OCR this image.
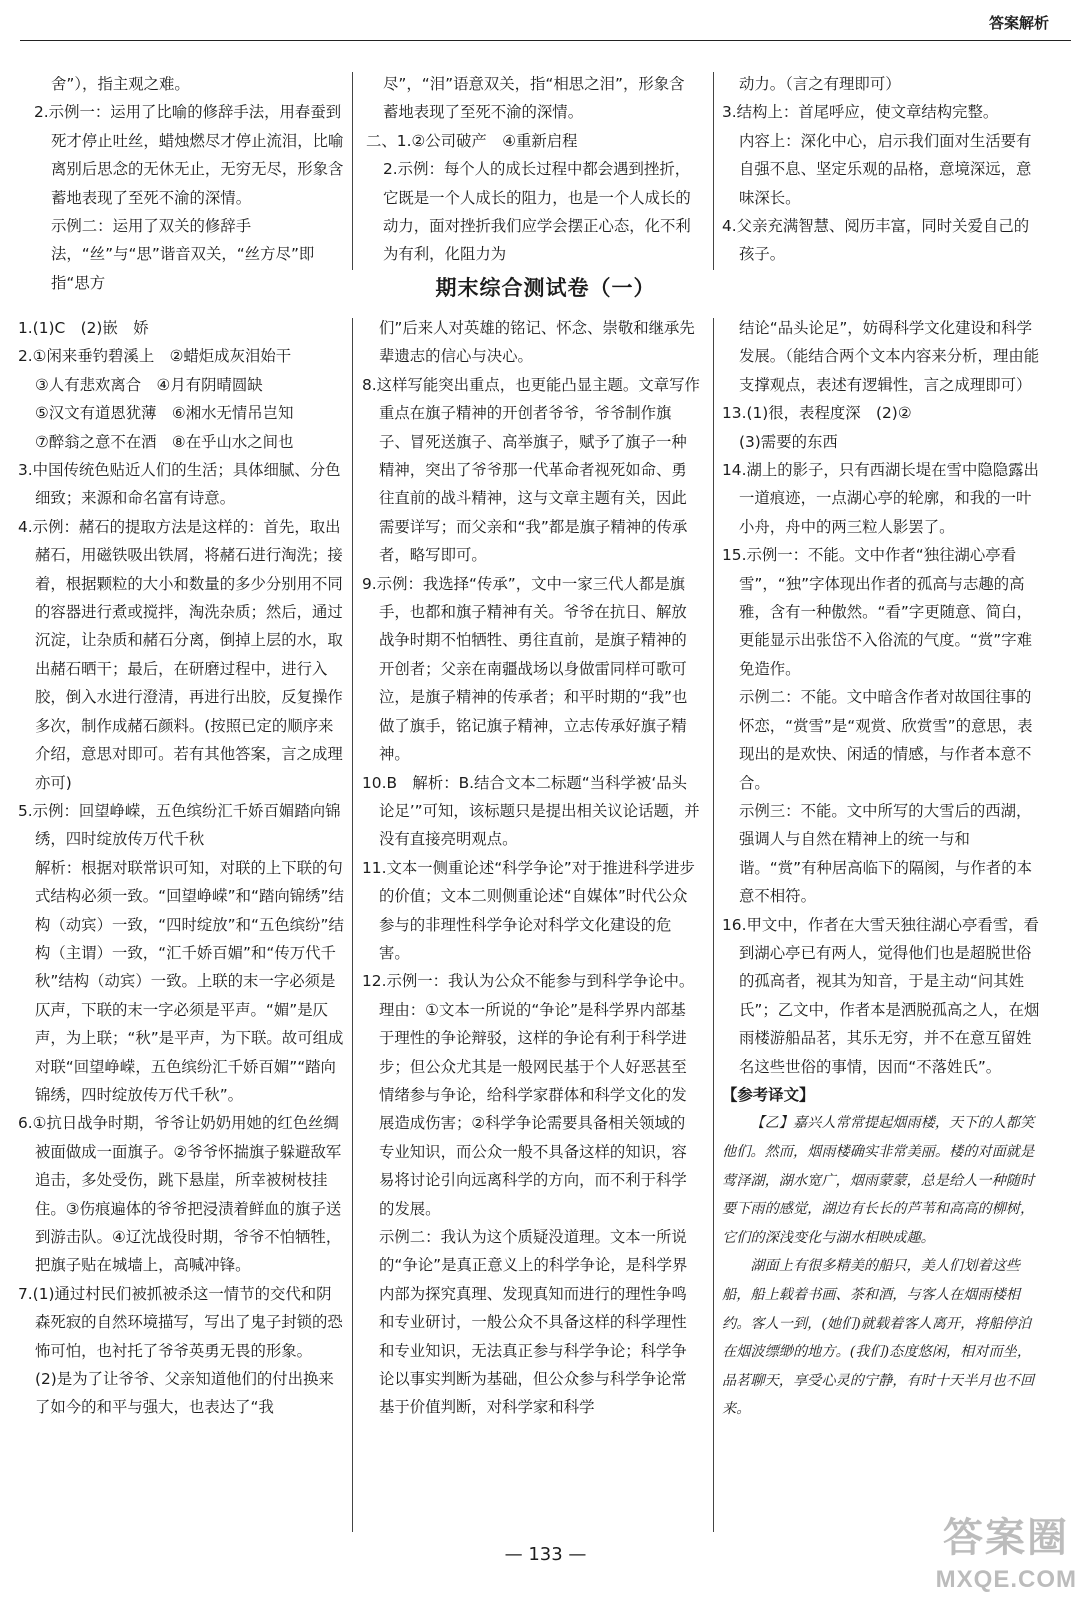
答案解析

舍”），指主观之难。

2.示例一：运用了比喻的修辞手法，用春蚕到死才停止吐丝，蜡烛燃尽才停止流泪，比喻离别后思念的无休无止，无穷无尽，形象含蓄地表现了至死不渝的深情。

示例二：运用了双关的修辞手法，“丝”与“思”谐音双关，“丝方尽”即指“思方

尽”，“泪”语意双关，指“相思之泪”，形象含蓄地表现了至死不渝的深情。

二、1.②公司破产　④重新启程

2.示例：每个人的成长过程中都会遇到挫折，它既是一个人成长的阻力，也是一个人成长的动力，面对挫折我们应学会摆正心态，化不利为有利，化阻力为

动力。（言之有理即可）

3.结构上：首尾呼应，使文章结构完整。

内容上：深化中心，启示我们面对生活要有自强不息、坚定乐观的品格，意境深远，意味深长。

4.父亲充满智慧、阅历丰富，同时关爱自己的孩子。

期末综合测试卷（一）

1.(1)C　(2)嵌　娇

2.①闲来垂钓碧溪上　②蜡炬成灰泪始干

③人有悲欢离合　④月有阴晴圆缺

⑤汉文有道恩犹薄　⑥湘水无情吊岂知

⑦醉翁之意不在酒　⑧在乎山水之间也

3.中国传统色贴近人们的生活；具体细腻、分色细致；来源和命名富有诗意。

4.示例：赭石的提取方法是这样的：首先，取出赭石，用磁铁吸出铁屑，将赭石进行淘洗；接着，根据颗粒的大小和数量的多少分别用不同的容器进行煮或搅拌，淘洗杂质；然后，通过沉淀，让杂质和赭石分离，倒掉上层的水，取出赭石晒干；最后，在研磨过程中，进行入胶，倒入水进行澄清，再进行出胶，反复操作多次，制作成赭石颜料。(按照已定的顺序来介绍，意思对即可。若有其他答案，言之成理亦可)

5.示例：回望峥嵘，五色缤纷汇千娇百媚踏向锦绣，四时绽放传万代千秋

解析：根据对联常识可知，对联的上下联的句式结构必须一致。“回望峥嵘”和“踏向锦绣”结构（动宾）一致，“四时绽放”和“五色缤纷”结构（主谓）一致，“汇千娇百媚”和“传万代千秋”结构（动宾）一致。上联的末一字必须是仄声，下联的末一字必须是平声。“媚”是仄声，为上联；“秋”是平声，为下联。故可组成对联“回望峥嵘，五色缤纷汇千娇百媚”“踏向锦绣，四时绽放传万代千秋”。

6.①抗日战争时期，爷爷让奶奶用她的红色丝绸被面做成一面旗子。②爷爷怀揣旗子躲避敌军追击，多处受伤，跳下悬崖，所幸被树枝挂住。③伤痕遍体的爷爷把浸渍着鲜血的旗子送到游击队。④辽沈战役时期，爷爷不怕牺牲，把旗子贴在城墙上，高喊冲锋。

7.(1)通过村民们被抓被杀这一情节的交代和阴森死寂的自然环境描写，写出了鬼子封锁的恐怖可怕，也衬托了爷爷英勇无畏的形象。

(2)是为了让爷爷、父亲知道他们的付出换来了如今的和平与强大，也表达了“我

们”后来人对英雄的铭记、怀念、崇敬和继承先辈遗志的信心与决心。

8.这样写能突出重点，也更能凸显主题。文章写作重点在旗子精神的开创者爷爷，爷爷制作旗子、冒死送旗子、高举旗子，赋予了旗子一种精神，突出了爷爷那一代革命者视死如命、勇往直前的战斗精神，这与文章主题有关，因此需要详写；而父亲和“我”都是旗子精神的传承者，略写即可。

9.示例：我选择“传承”，文中一家三代人都是旗手，也都和旗子精神有关。爷爷在抗日、解放战争时期不怕牺牲、勇往直前，是旗子精神的开创者；父亲在南疆战场以身做雷同样可歌可泣，是旗子精神的传承者；和平时期的“我”也做了旗手，铭记旗子精神，立志传承好旗子精神。

10.B　解析：B.结合文本二标题“当科学被‘品头论足’”可知，该标题只是提出相关议论话题，并没有直接亮明观点。

11.文本一侧重论述“科学争论”对于推进科学进步的价值；文本二则侧重论述“自媒体”时代公众参与的非理性科学争论对科学文化建设的危害。

12.示例一：我认为公众不能参与到科学争论中。理由：①文本一所说的“争论”是科学界内部基于理性的争论辩驳，这样的争论有利于科学进步；但公众尤其是一般网民基于个人好恶甚至情绪参与争论，给科学家群体和科学文化的发展造成伤害；②科学争论需要具备相关领域的专业知识，而公众一般不具备这样的知识，容易将讨论引向远离科学的方向，而不利于科学的发展。

示例二：我认为这个质疑没道理。文本一所说的“争论”是真正意义上的科学争论，是科学界内部为探究真理、发现真知而进行的理性争鸣和专业研讨，一般公众不具备这样的科学理性和专业知识，无法真正参与科学争论；科学争论以事实判断为基础，但公众参与科学争论常基于价值判断，对科学家和科学

结论“品头论足”，妨碍科学文化建设和科学发展。（能结合两个文本内容来分析，理由能支撑观点，表述有逻辑性，言之成理即可）

13.(1)很，表程度深　(2)②

(3)需要的东西

14.湖上的影子，只有西湖长堤在雪中隐隐露出一道痕迹，一点湖心亭的轮廓，和我的一叶小舟，舟中的两三粒人影罢了。

15.示例一：不能。文中作者“独往湖心亭看雪”，“独”字体现出作者的孤高与志趣的高雅，含有一种傲然。“看”字更随意、简白，更能显示出张岱不入俗流的气度。“赏”字难免造作。

示例二：不能。文中暗含作者对故国往事的怀恋，“赏雪”是“观赏、欣赏雪”的意思，表现出的是欢快、闲适的情感，与作者本意不合。

示例三：不能。文中所写的大雪后的西湖，强调人与自然在精神上的统一与和谐。“赏”有种居高临下的隔阂，与作者的本意不相符。

16.甲文中，作者在大雪天独往湖心亭看雪，看到湖心亭已有两人，觉得他们也是超脱世俗的孤高者，视其为知音，于是主动“问其姓氏”；乙文中，作者本是洒脱孤高之人，在烟雨楼游船品茗，其乐无穷，并不在意互留姓名这些世俗的事情，因而“不落姓氏”。

【参考译文】

【乙】嘉兴人常常提起烟雨楼，天下的人都笑他们。然而，烟雨楼确实非常美丽。楼的对面就是莺泽湖，湖水宽广，烟雨蒙蒙，总是给人一种随时要下雨的感觉，湖边有长长的芦苇和高高的柳树，它们的深浅变化与湖水相映成趣。

湖面上有很多精美的船只，美人们划着这些船，船上载着书画、茶和酒，与客人在烟雨楼相约。客人一到，(她们)就载着客人离开，将船停泊在烟波缥缈的地方。(我们)态度悠闲，相对而坐，品茗聊天，享受心灵的宁静，有时十天半月也不回来。

— 133 —	答案圈
MXQE.COM
